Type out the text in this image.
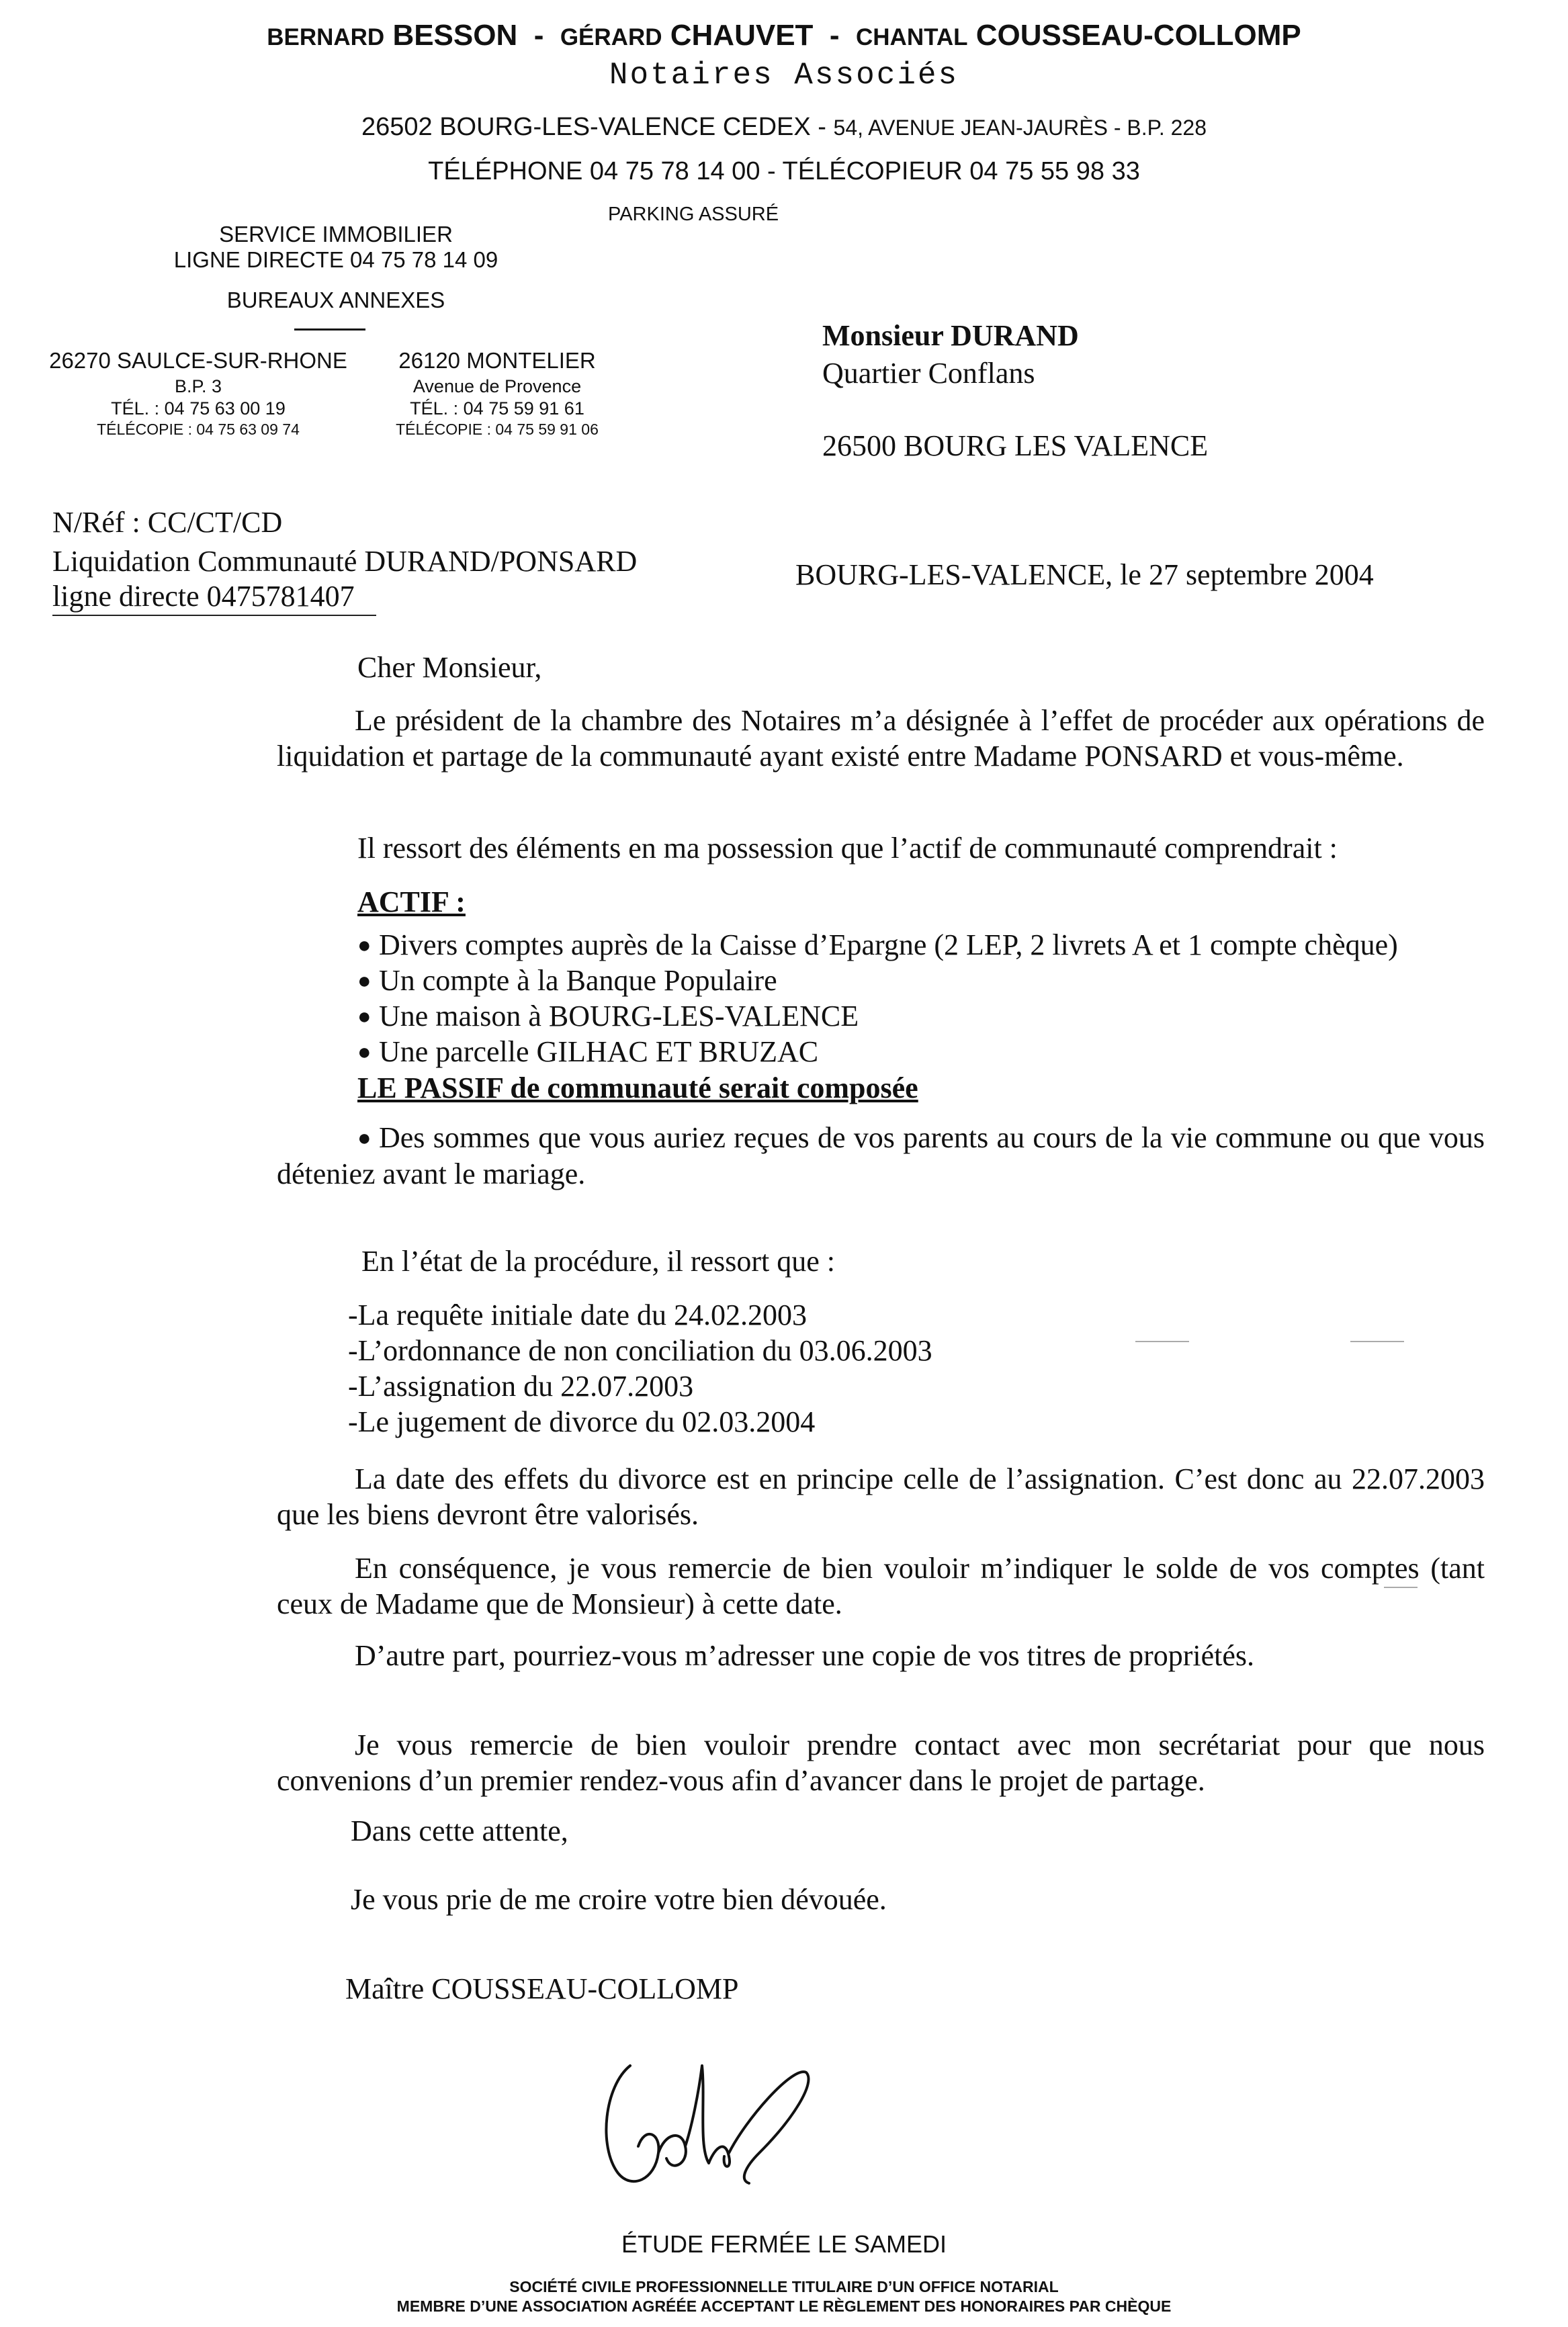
BERNARD BESSON - GÉRARD CHAUVET - CHANTAL COUSSEAU-COLLOMP
Notaires Associés
26502 BOURG-LES-VALENCE CEDEX - 54, AVENUE JEAN-JAURÈS - B.P. 228
TÉLÉPHONE 04 75 78 14 00 - TÉLÉCOPIEUR 04 75 55 98 33
PARKING ASSURÉ
SERVICE IMMOBILIER
LIGNE DIRECTE 04 75 78 14 09
BUREAUX ANNEXES
26270 SAULCE-SUR-RHONE
B.P. 3
TÉL. : 04 75 63 00 19
TÉLÉCOPIE : 04 75 63 09 74
26120 MONTELIER
Avenue de Provence
TÉL. : 04 75 59 91 61
TÉLÉCOPIE : 04 75 59 91 06
Monsieur DURAND
Quartier Conflans
26500 BOURG LES VALENCE
N/Réf : CC/CT/CD
Liquidation Communauté DURAND/PONSARD
ligne directe 0475781407
BOURG-LES-VALENCE, le 27 septembre 2004
Cher Monsieur,
Le président de la chambre des Notaires m’a désignée à l’effet de procéder aux opérations de liquidation et partage de la communauté ayant existé entre Madame PONSARD et vous-même.
Il ressort des éléments en ma possession que l’actif de communauté comprendrait :
ACTIF :
● Divers comptes auprès de la Caisse d’Epargne (2 LEP, 2 livrets A et 1 compte chèque)
● Un compte à la Banque Populaire
● Une maison à BOURG-LES-VALENCE
● Une parcelle GILHAC ET BRUZAC
LE PASSIF de communauté serait composée
● Des sommes que vous auriez reçues de vos parents au cours de la vie commune ou que vous déteniez avant le mariage.
En l’état de la procédure, il ressort que :
-La requête initiale date du 24.02.2003
-L’ordonnance de non conciliation du 03.06.2003
-L’assignation du 22.07.2003
-Le jugement de divorce du 02.03.2004
La date des effets du divorce est en principe celle de l’assignation. C’est donc au 22.07.2003 que les biens devront être valorisés.
En conséquence, je vous remercie de bien vouloir m’indiquer le solde de vos comptes (tant ceux de Madame que de Monsieur) à cette date.
D’autre part, pourriez-vous m’adresser une copie de vos titres de propriétés.
Je vous remercie de bien vouloir prendre contact avec mon secrétariat pour que nous convenions d’un premier rendez-vous afin d’avancer dans le projet de partage.
Dans cette attente,
Je vous prie de me croire votre bien dévouée.
Maître COUSSEAU-COLLOMP
ÉTUDE FERMÉE LE SAMEDI
SOCIÉTÉ CIVILE PROFESSIONNELLE TITULAIRE D’UN OFFICE NOTARIAL
MEMBRE D’UNE ASSOCIATION AGRÉÉE ACCEPTANT LE RÈGLEMENT DES HONORAIRES PAR CHÈQUE
